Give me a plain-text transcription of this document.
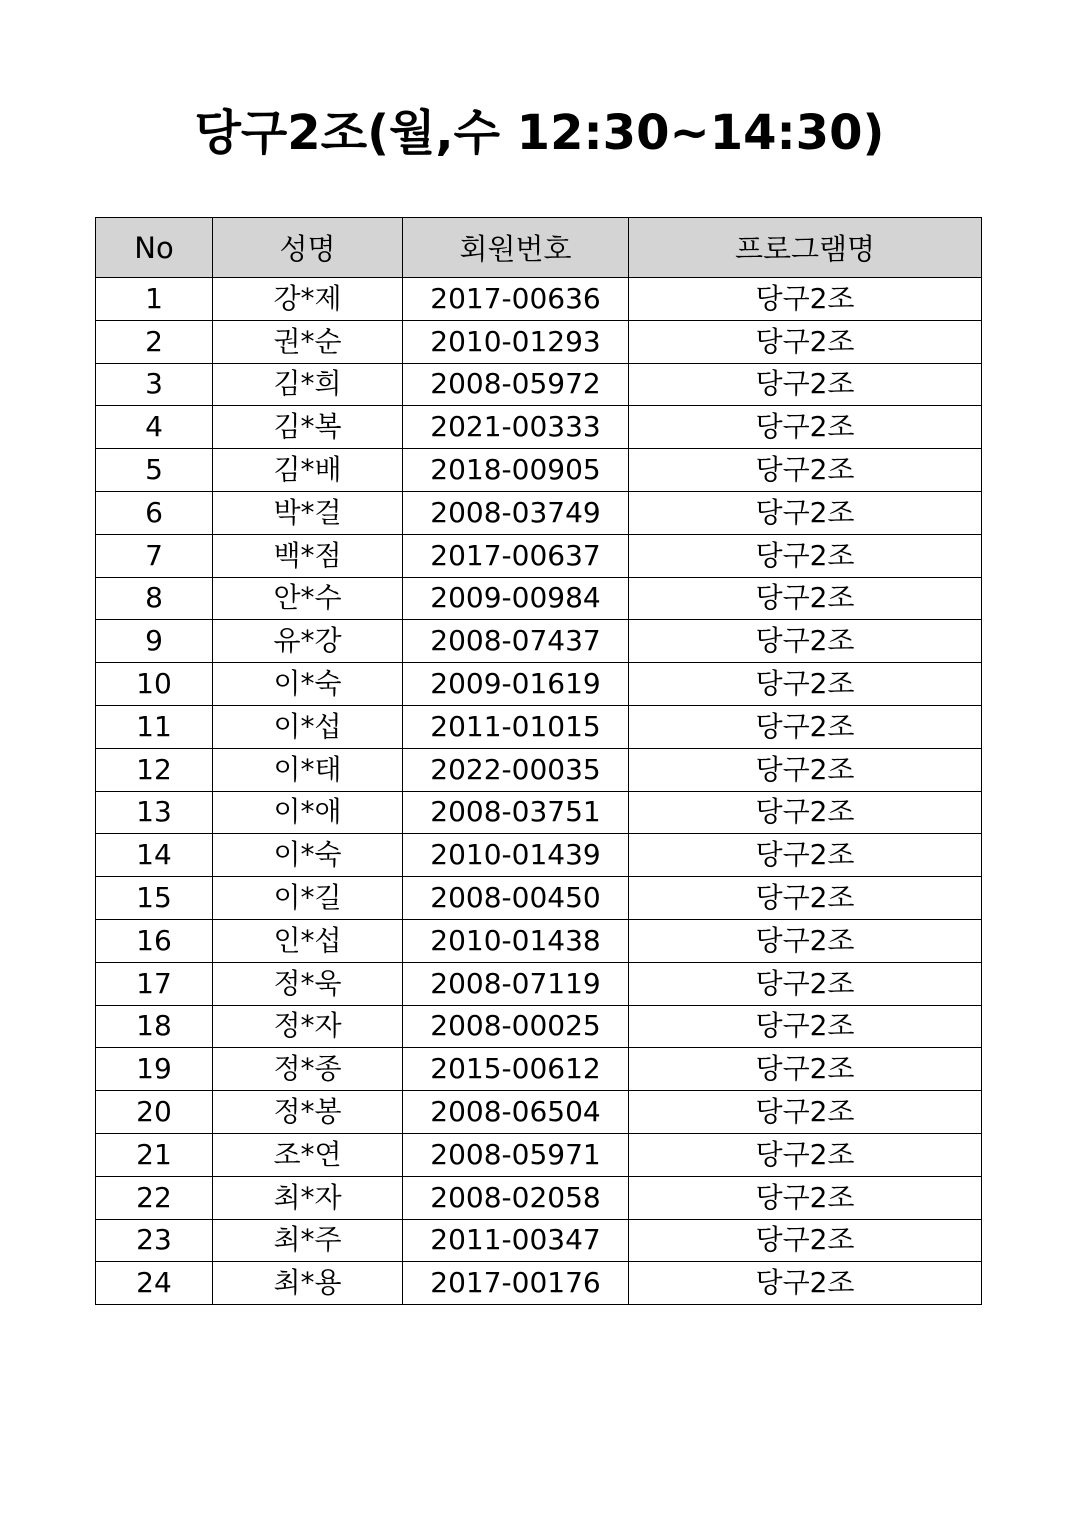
당구2조(월,수 12:30~14:30)
No	성명	회원번호	프로그램명
1	강*제	2017-00636	당구2조
2	권*순	2010-01293	당구2조
3	김*희	2008-05972	당구2조
4	김*복	2021-00333	당구2조
5	김*배	2018-00905	당구2조
6	박*걸	2008-03749	당구2조
7	백*점	2017-00637	당구2조
8	안*수	2009-00984	당구2조
9	유*강	2008-07437	당구2조
10	이*숙	2009-01619	당구2조
11	이*섭	2011-01015	당구2조
12	이*태	2022-00035	당구2조
13	이*애	2008-03751	당구2조
14	이*숙	2010-01439	당구2조
15	이*길	2008-00450	당구2조
16	인*섭	2010-01438	당구2조
17	정*욱	2008-07119	당구2조
18	정*자	2008-00025	당구2조
19	정*종	2015-00612	당구2조
20	정*봉	2008-06504	당구2조
21	조*연	2008-05971	당구2조
22	최*자	2008-02058	당구2조
23	최*주	2011-00347	당구2조
24	최*용	2017-00176	당구2조
